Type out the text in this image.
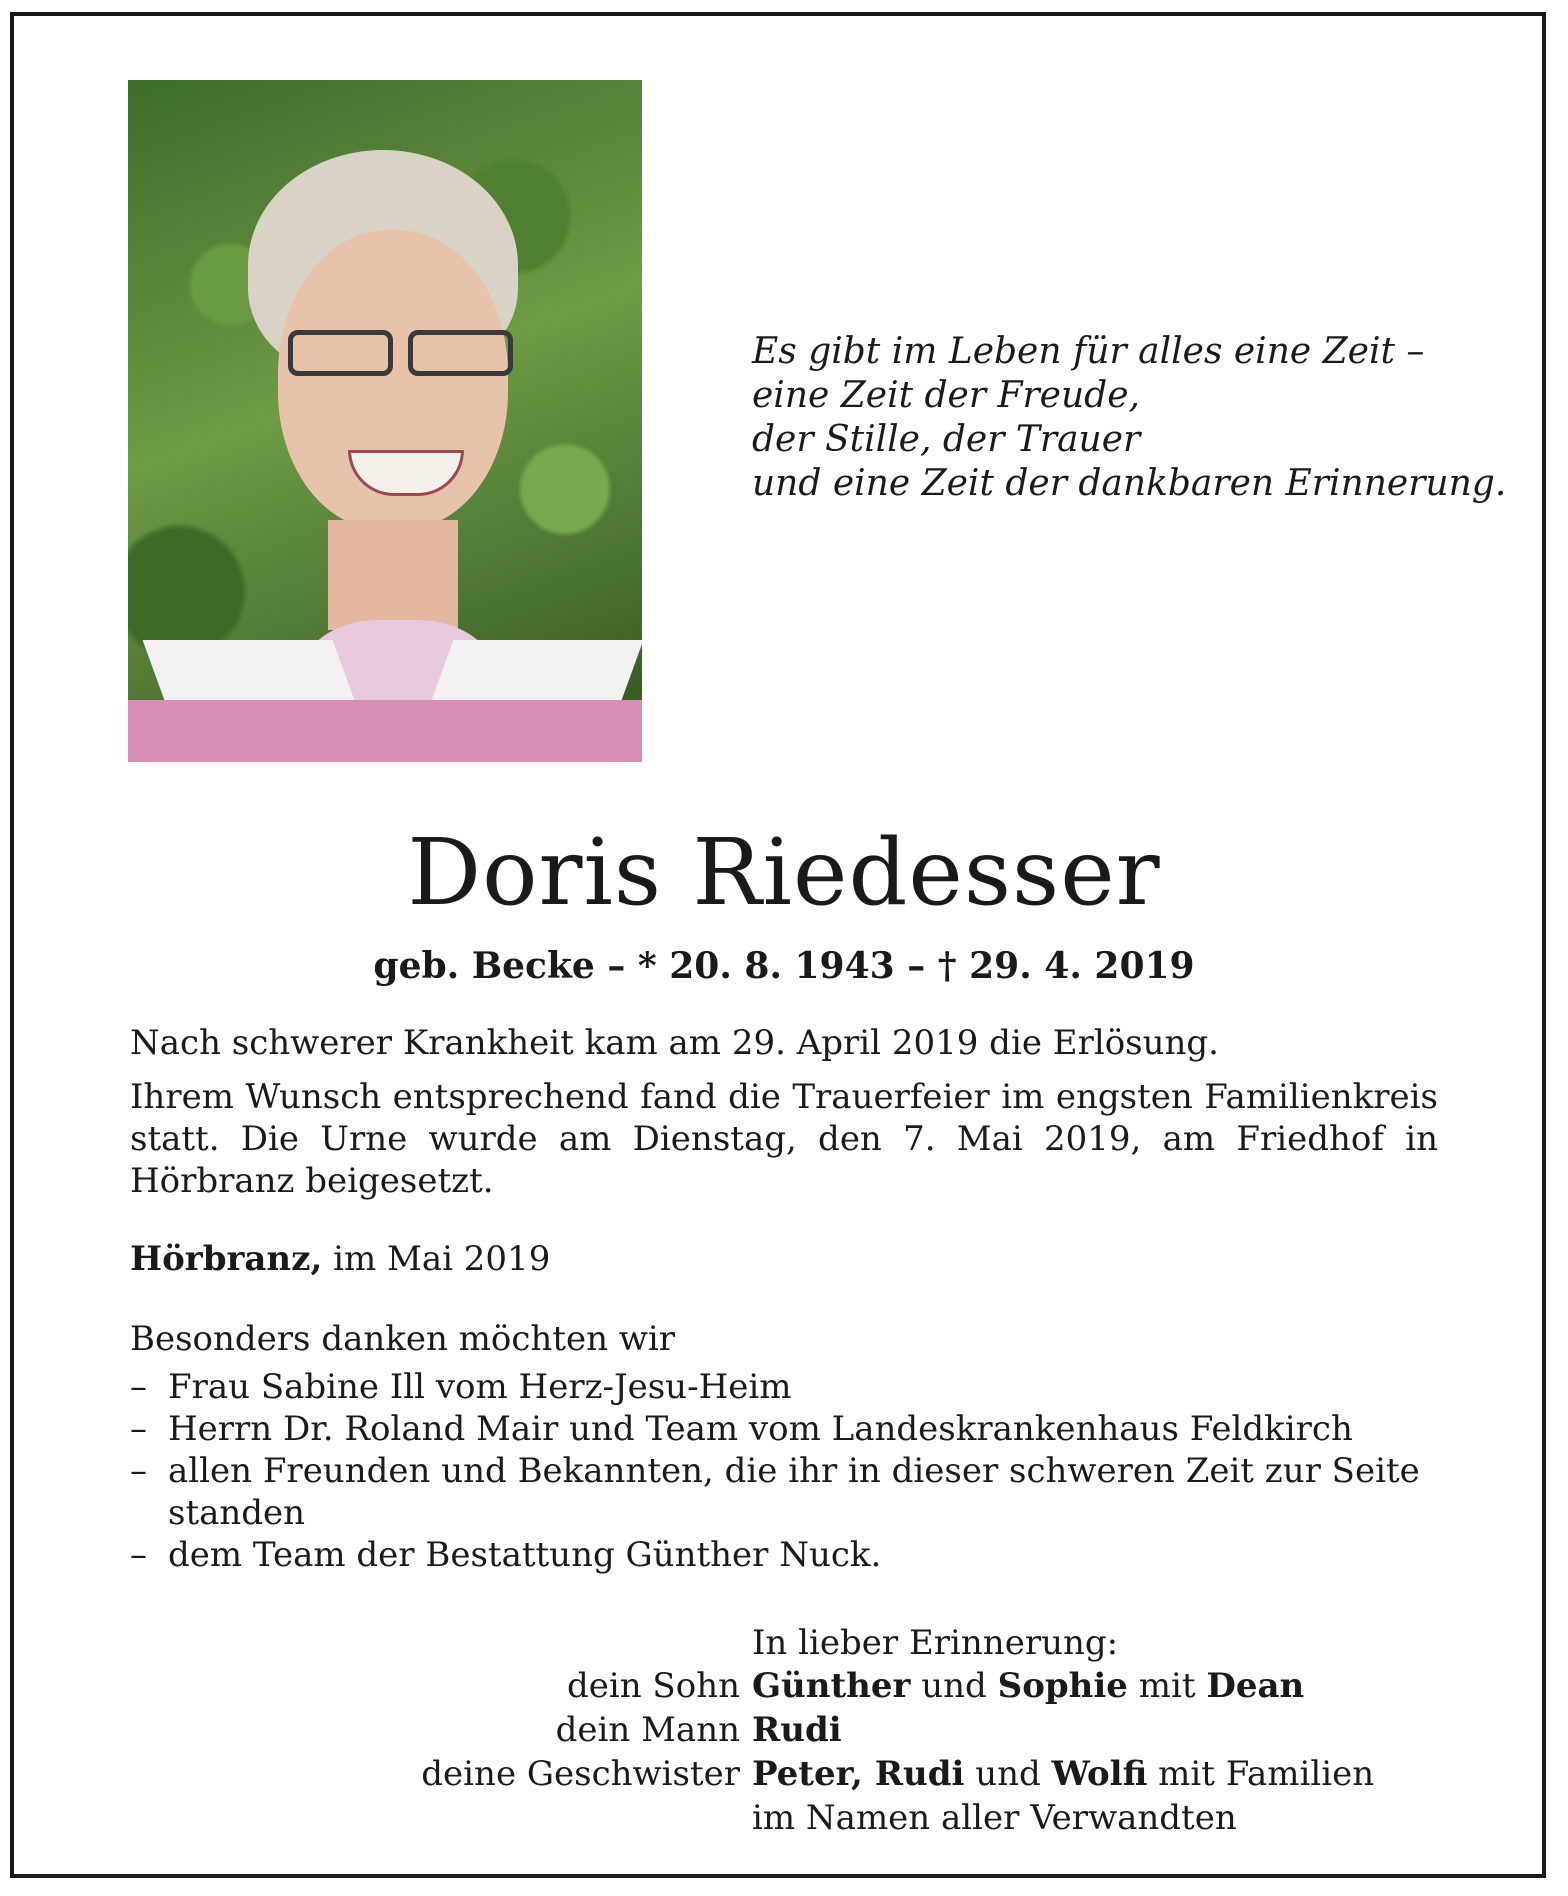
Es gibt im Leben für alles eine Zeit –
eine Zeit der Freude,
der Stille, der Trauer
und eine Zeit der dankbaren Erinnerung.
Doris Riedesser
geb. Becke – * 20. 8. 1943 – † 29. 4. 2019
Nach schwerer Krankheit kam am 29. April 2019 die Erlösung.
Ihrem Wunsch entsprechend fand die Trauerfeier im engsten Familienkreis statt. Die Urne wurde am Dienstag, den 7. Mai 2019, am Friedhof in Hörbranz beigesetzt.
Hörbranz, im Mai 2019
Besonders danken möchten wir
– Frau Sabine Ill vom Herz-Jesu-Heim
– Herrn Dr. Roland Mair und Team vom Landeskrankenhaus Feldkirch
– allen Freunden und Bekannten, die ihr in dieser schweren Zeit zur Seite standen
– dem Team der Bestattung Günther Nuck.
In lieber Erinnerung:
dein Sohn Günther und Sophie mit Dean
dein Mann Rudi
deine Geschwister Peter, Rudi und Wolfi mit Familien
im Namen aller Verwandten
